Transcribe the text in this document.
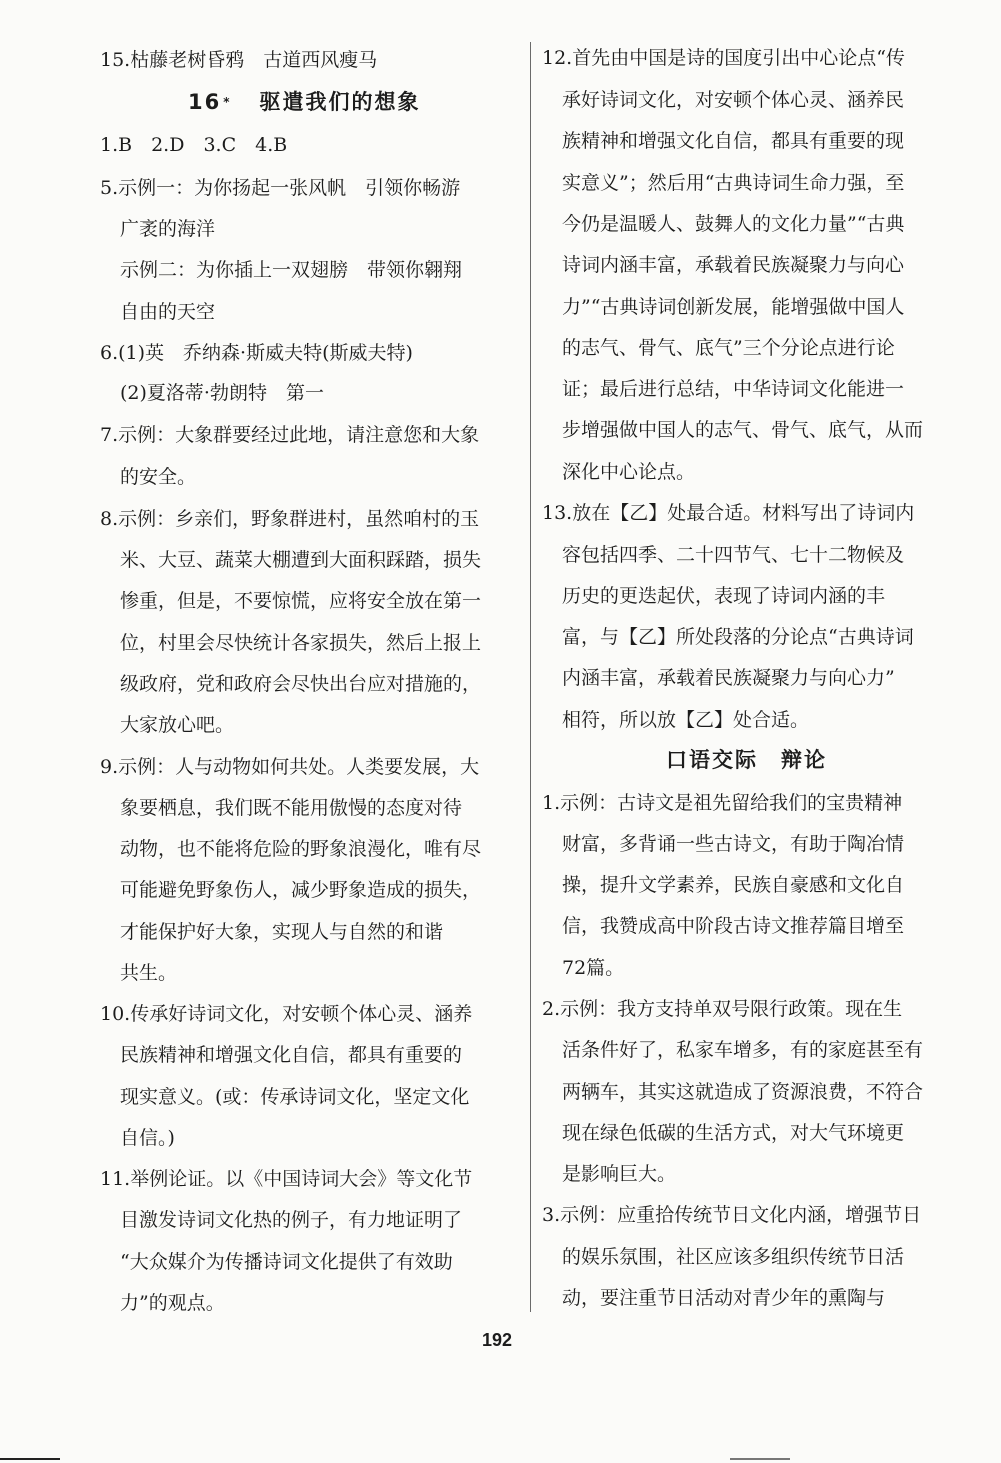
15.枯藤老树昏鸦　古道西风瘦马
16 * 驱遣我们的想象
1.B　2.D　3.C　4.B
5.示例一：为你扬起一张风帆　引领你畅游
广袤的海洋
示例二：为你插上一双翅膀　带领你翱翔
自由的天空
6.(1)英　乔纳森·斯威夫特(斯威夫特)
(2)夏洛蒂·勃朗特　第一
7.示例：大象群要经过此地，请注意您和大象
的安全。
8.示例：乡亲们，野象群进村，虽然咱村的玉
米、大豆、蔬菜大棚遭到大面积踩踏，损失
惨重，但是，不要惊慌，应将安全放在第一
位，村里会尽快统计各家损失，然后上报上
级政府，党和政府会尽快出台应对措施的，
大家放心吧。
9.示例：人与动物如何共处。人类要发展，大
象要栖息，我们既不能用傲慢的态度对待
动物，也不能将危险的野象浪漫化，唯有尽
可能避免野象伤人，减少野象造成的损失，
才能保护好大象，实现人与自然的和谐
共生。
10.传承好诗词文化，对安顿个体心灵、涵养
民族精神和增强文化自信，都具有重要的
现实意义。(或：传承诗词文化，坚定文化
自信。)
11.举例论证。以《中国诗词大会》等文化节
目激发诗词文化热的例子，有力地证明了
“大众媒介为传播诗词文化提供了有效助
力”的观点。
12.首先由中国是诗的国度引出中心论点“传
承好诗词文化，对安顿个体心灵、涵养民
族精神和增强文化自信，都具有重要的现
实意义”；然后用“古典诗词生命力强，至
今仍是温暖人、鼓舞人的文化力量”“古典
诗词内涵丰富，承载着民族凝聚力与向心
力”“古典诗词创新发展，能增强做中国人
的志气、骨气、底气”三个分论点进行论
证；最后进行总结，中华诗词文化能进一
步增强做中国人的志气、骨气、底气，从而
深化中心论点。
13.放在【乙】处最合适。材料写出了诗词内
容包括四季、二十四节气、七十二物候及
历史的更迭起伏，表现了诗词内涵的丰
富，与【乙】所处段落的分论点“古典诗词
内涵丰富，承载着民族凝聚力与向心力”
相符，所以放【乙】处合适。
口语交际　辩论
1.示例：古诗文是祖先留给我们的宝贵精神
财富，多背诵一些古诗文，有助于陶冶情
操，提升文学素养，民族自豪感和文化自
信，我赞成高中阶段古诗文推荐篇目增至
72篇。
2.示例：我方支持单双号限行政策。现在生
活条件好了，私家车增多，有的家庭甚至有
两辆车，其实这就造成了资源浪费，不符合
现在绿色低碳的生活方式，对大气环境更
是影响巨大。
3.示例：应重拾传统节日文化内涵，增强节日
的娱乐氛围，社区应该多组织传统节日活
动，要注重节日活动对青少年的熏陶与
192
